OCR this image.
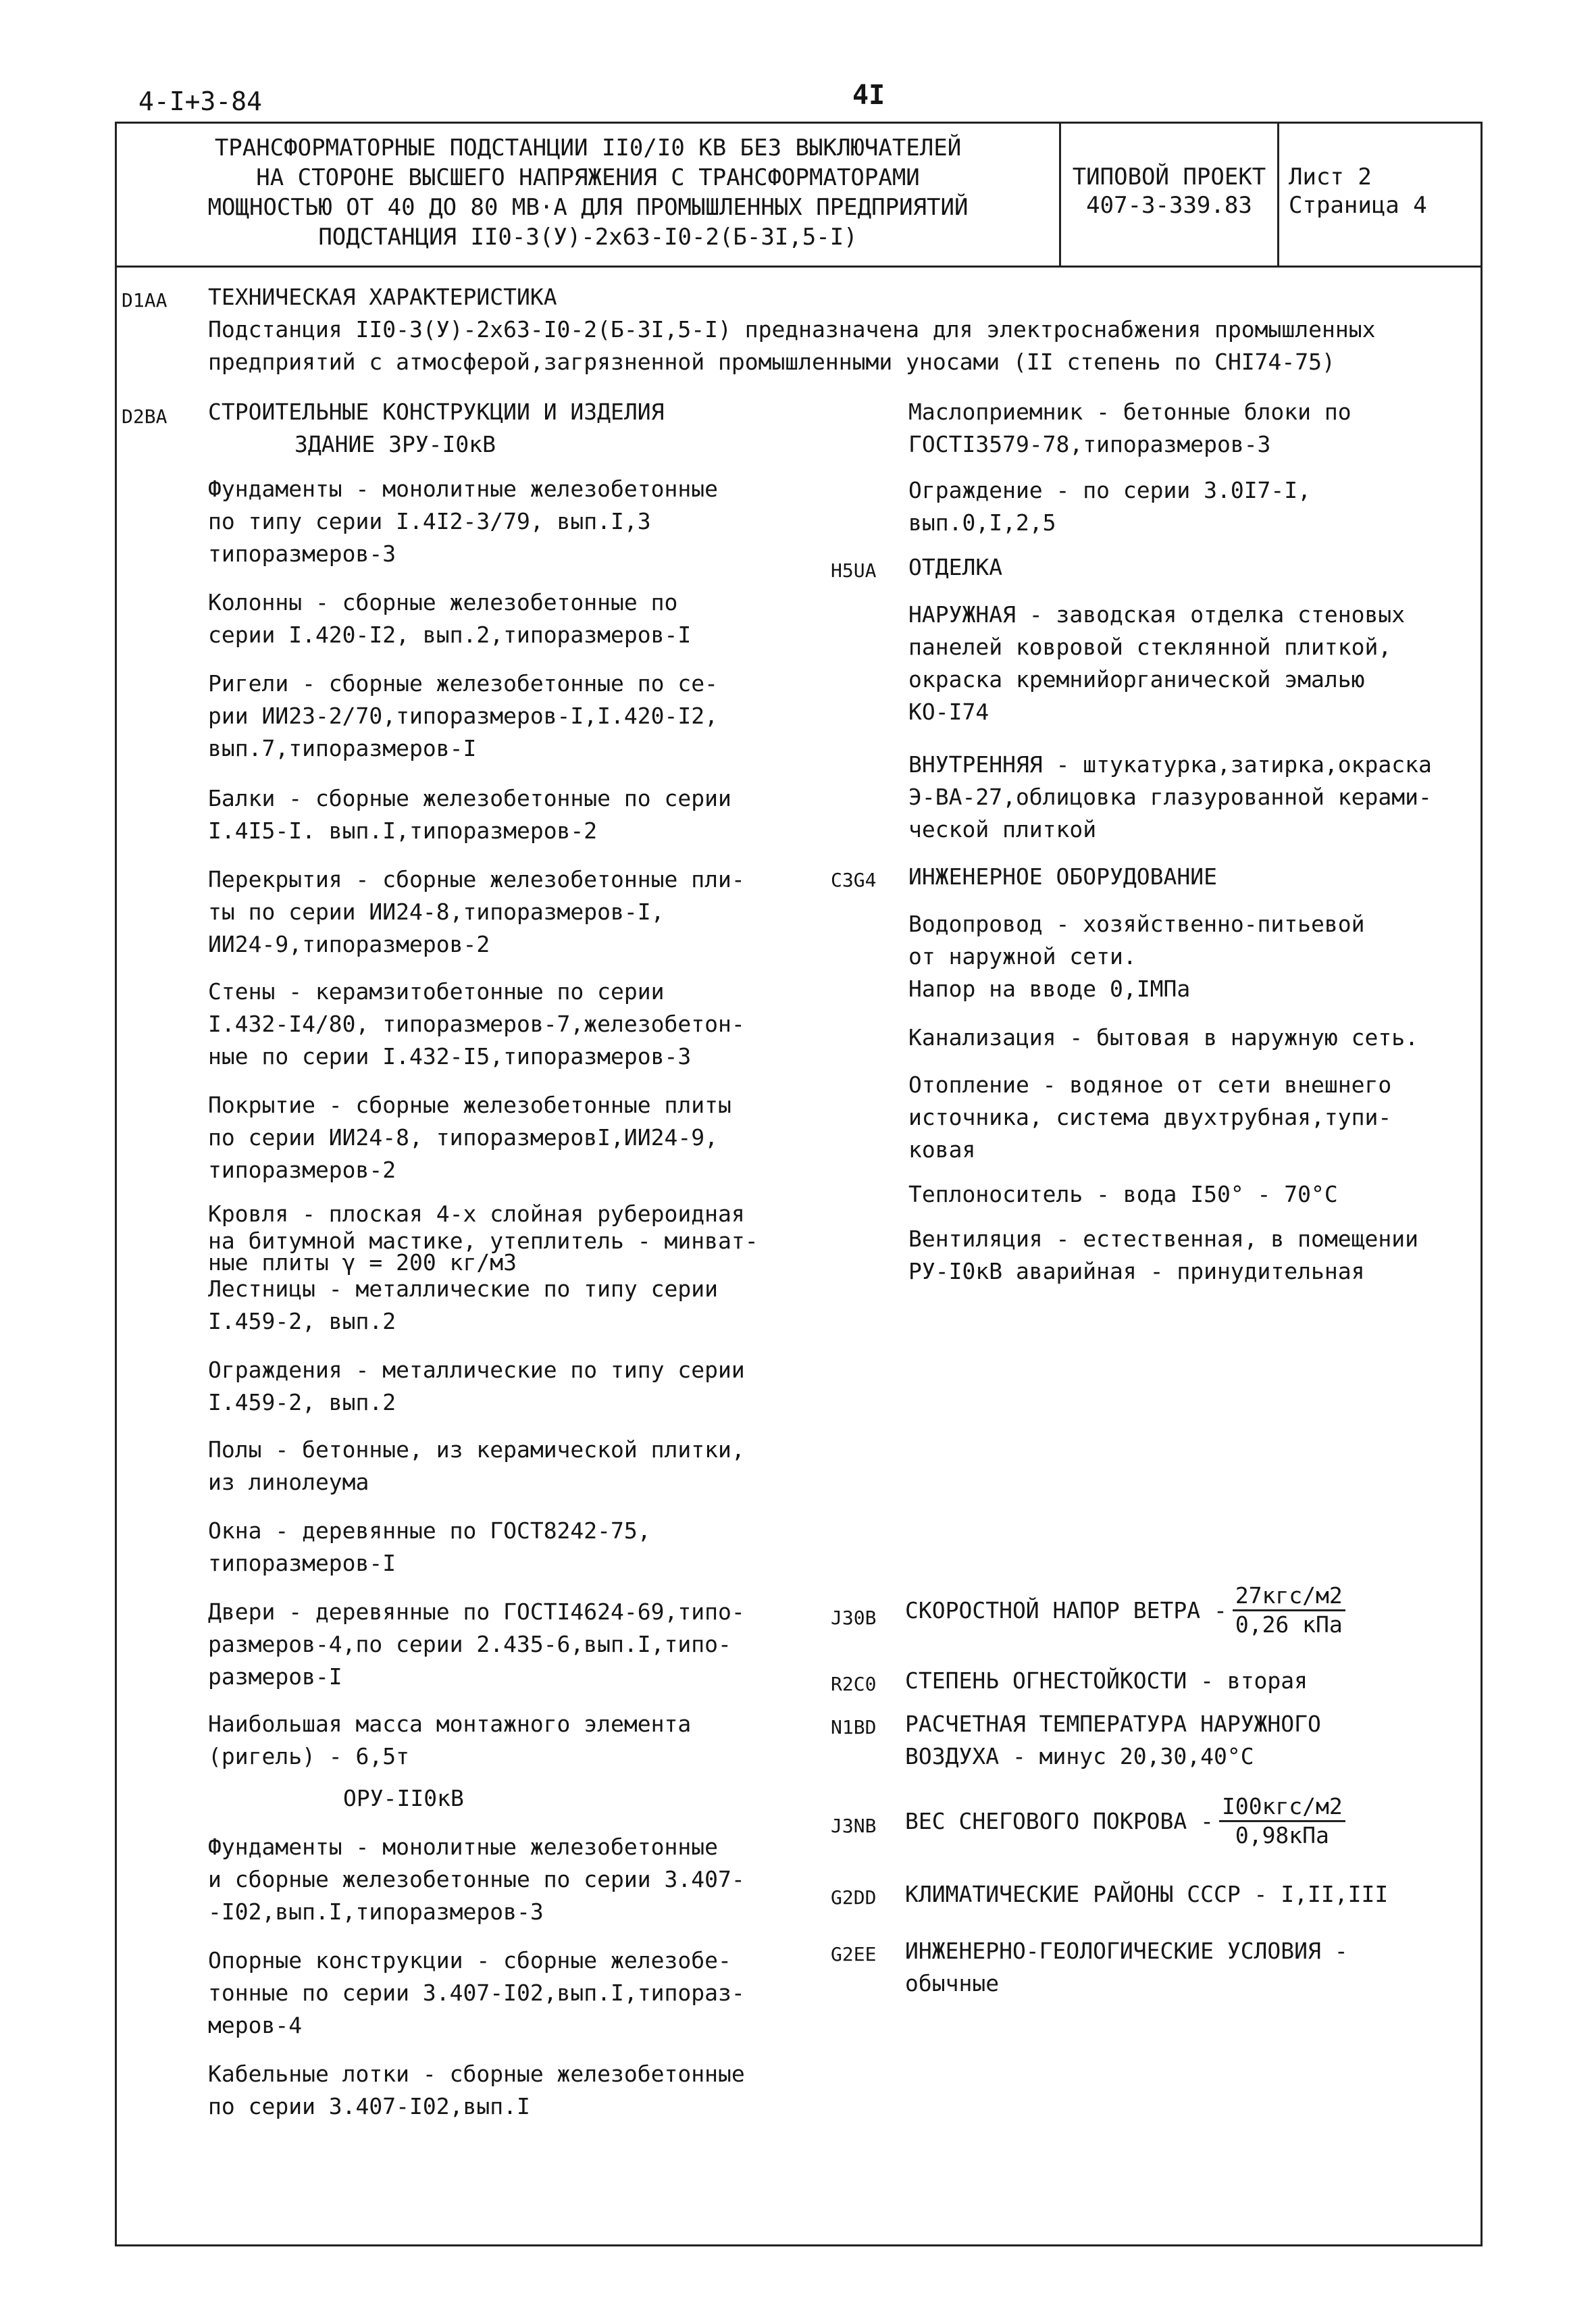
4-I+3-84	4I
ТРАНСФОРМАТОРНЫЕ ПОДСТАНЦИИ II0/I0 КВ БЕЗ ВЫКЛЮЧАТЕЛЕЙ
НА СТОРОНЕ ВЫСШЕГО НАПРЯЖЕНИЯ С ТРАНСФОРМАТОРАМИ
МОЩНОСТЬЮ ОТ 40 ДО 80 МВ·А ДЛЯ ПРОМЫШЛЕННЫХ ПРЕДПРИЯТИЙ
ПОДСТАНЦИЯ II0-3(У)-2х63-I0-2(Б-3I,5-I)
ТИПОВОЙ ПРОЕКТ
407-3-339.83
Лист 2
Страница 4
D1AA ТЕХНИЧЕСКАЯ ХАРАКТЕРИСТИКА
Подстанция II0-3(У)-2х63-I0-2(Б-3I,5-I) предназначена для электроснабжения промышленных
предприятий с атмосферой,загрязненной промышленными уносами (II степень по СНI74-75)
D2BA СТРОИТЕЛЬНЫЕ КОНСТРУКЦИИ И ИЗДЕЛИЯ
ЗДАНИЕ ЗРУ-I0кВ
Фундаменты - монолитные железобетонные
по типу серии I.4I2-3/79, вып.I,3
типоразмеров-3
Колонны - сборные железобетонные по
серии I.420-I2, вып.2,типоразмеров-I
Ригели - сборные железобетонные по се-
рии ИИ23-2/70,типоразмеров-I,I.420-I2,
вып.7,типоразмеров-I
Балки - сборные железобетонные по серии
I.4I5-I. вып.I,типоразмеров-2
Перекрытия - сборные железобетонные пли-
ты по серии ИИ24-8,типоразмеров-I,
ИИ24-9,типоразмеров-2
Стены - керамзитобетонные по серии
I.432-I4/80, типоразмеров-7,железобетон-
ные по серии I.432-I5,типоразмеров-3
Покрытие - сборные железобетонные плиты
по серии ИИ24-8, типоразмеровI,ИИ24-9,
типоразмеров-2
Кровля - плоская 4-х слойная рубероидная
на битумной мастике, утеплитель - минват-
ные плиты γ = 200 кг/м3
Лестницы - металлические по типу серии
I.459-2, вып.2
Ограждения - металлические по типу серии
I.459-2, вып.2
Полы - бетонные, из керамической плитки,
из линолеума
Окна - деревянные по ГОСТ8242-75,
типоразмеров-I
Двери - деревянные по ГОСТI4624-69,типо-
размеров-4,по серии 2.435-6,вып.I,типо-
размеров-I
Наибольшая масса монтажного элемента
(ригель) - 6,5т
ОРУ-II0кВ
Фундаменты - монолитные железобетонные
и сборные железобетонные по серии 3.407-
-I02,вып.I,типоразмеров-3
Опорные конструкции - сборные железобе-
тонные по серии 3.407-I02,вып.I,типораз-
меров-4
Кабельные лотки - сборные железобетонные
по серии 3.407-I02,вып.I
Маслоприемник - бетонные блоки по
ГОСТI3579-78,типоразмеров-3
Ограждение - по серии 3.0I7-I,
вып.0,I,2,5
H5UA ОТДЕЛКА
НАРУЖНАЯ - заводская отделка стеновых
панелей ковровой стеклянной плиткой,
окраска кремнийорганической эмалью
КО-I74
ВНУТРЕННЯЯ - штукатурка,затирка,окраска
Э-ВА-27,облицовка глазурованной керами-
ческой плиткой
C3G4 ИНЖЕНЕРНОЕ ОБОРУДОВАНИЕ
Водопровод - хозяйственно-питьевой
от наружной сети.
Напор на вводе 0,IМПа
Канализация - бытовая в наружную сеть.
Отопление - водяное от сети внешнего
источника, система двухтрубная,тупи-
ковая
Теплоноситель - вода I50° - 70°С
Вентиляция - естественная, в помещении
РУ-I0кВ аварийная - принудительная
J30B СКОРОСТНОЙ НАПОР ВЕТРА - $\frac{\text{27кгс/м2}}{\text{0,26 кПа}}$
R2C0 СТЕПЕНЬ ОГНЕСТОЙКОСТИ - вторая
N1BD РАСЧЕТНАЯ ТЕМПЕРАТУРА НАРУЖНОГО
ВОЗДУХА - минус 20,30,40°С
J3NB ВЕС СНЕГОВОГО ПОКРОВА - $\frac{\text{I00кгс/м2}}{\text{0,98кПа}}$
G2DD КЛИМАТИЧЕСКИЕ РАЙОНЫ СССР - I,II,III
G2EE ИНЖЕНЕРНО-ГЕОЛОГИЧЕСКИЕ УСЛОВИЯ -
обычные
